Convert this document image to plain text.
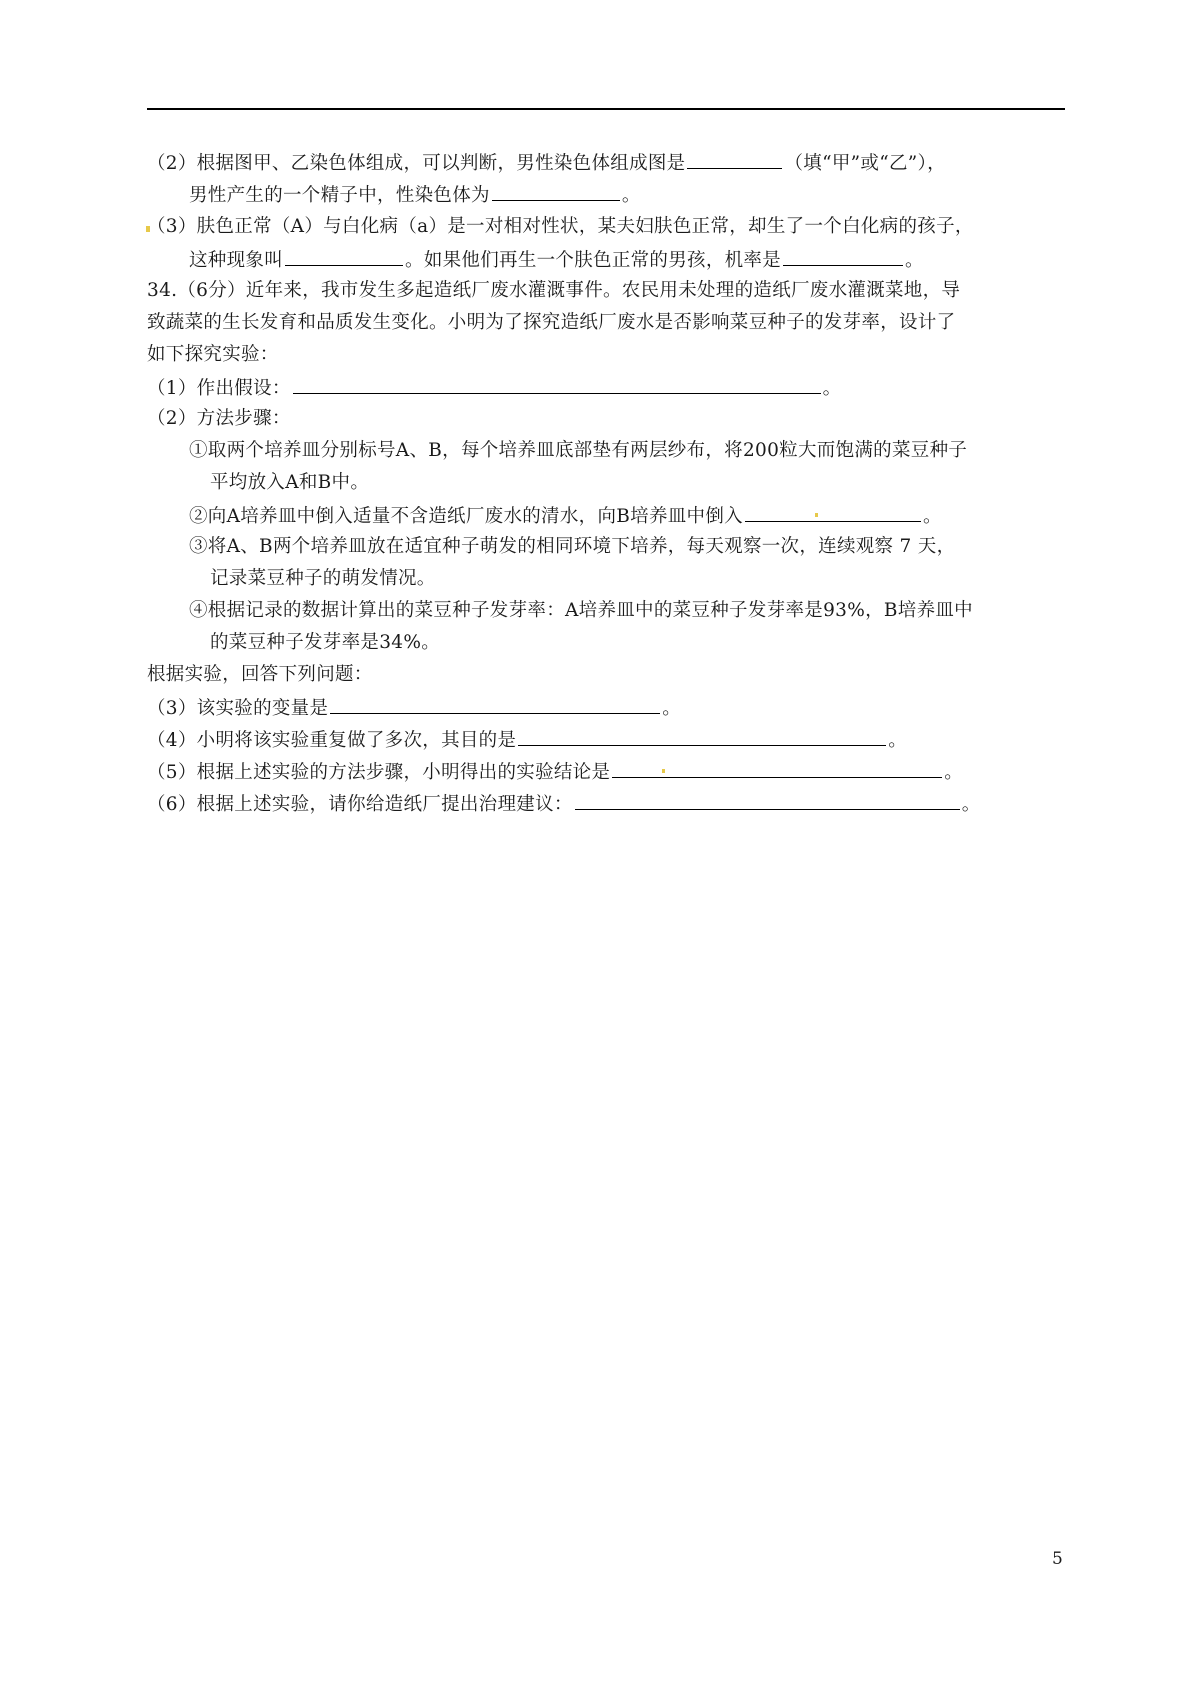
（2）根据图甲、乙染色体组成，可以判断，男性染色体组成图是	（填“甲”或“乙”），
男性产生的一个精子中，性染色体为	。
（3）肤色正常（A）与白化病（a）是一对相对性状，某夫妇肤色正常，却生了一个白化病的孩子，
这种现象叫	。如果他们再生一个肤色正常的男孩，机率是	。
34.（6分）近年来，我市发生多起造纸厂废水灌溉事件。农民用未处理的造纸厂废水灌溉菜地，导
致蔬菜的生长发育和品质发生变化。小明为了探究造纸厂废水是否影响菜豆种子的发芽率，设计了
如下探究实验：
（1）作出假设：	。
（2）方法步骤：
①取两个培养皿分别标号A、B，每个培养皿底部垫有两层纱布，将200粒大而饱满的菜豆种子
平均放入A和B中。
②向A培养皿中倒入适量不含造纸厂废水的清水，向B培养皿中倒入	。
③将A、B两个培养皿放在适宜种子萌发的相同环境下培养，每天观察一次，连续观察 7 天，
记录菜豆种子的萌发情况。
④根据记录的数据计算出的菜豆种子发芽率：A培养皿中的菜豆种子发芽率是93%，B培养皿中
的菜豆种子发芽率是34%。
根据实验，回答下列问题：
（3）该实验的变量是	。
（4）小明将该实验重复做了多次，其目的是	。
（5）根据上述实验的方法步骤，小明得出的实验结论是	。
（6）根据上述实验，请你给造纸厂提出治理建议：	。
5
